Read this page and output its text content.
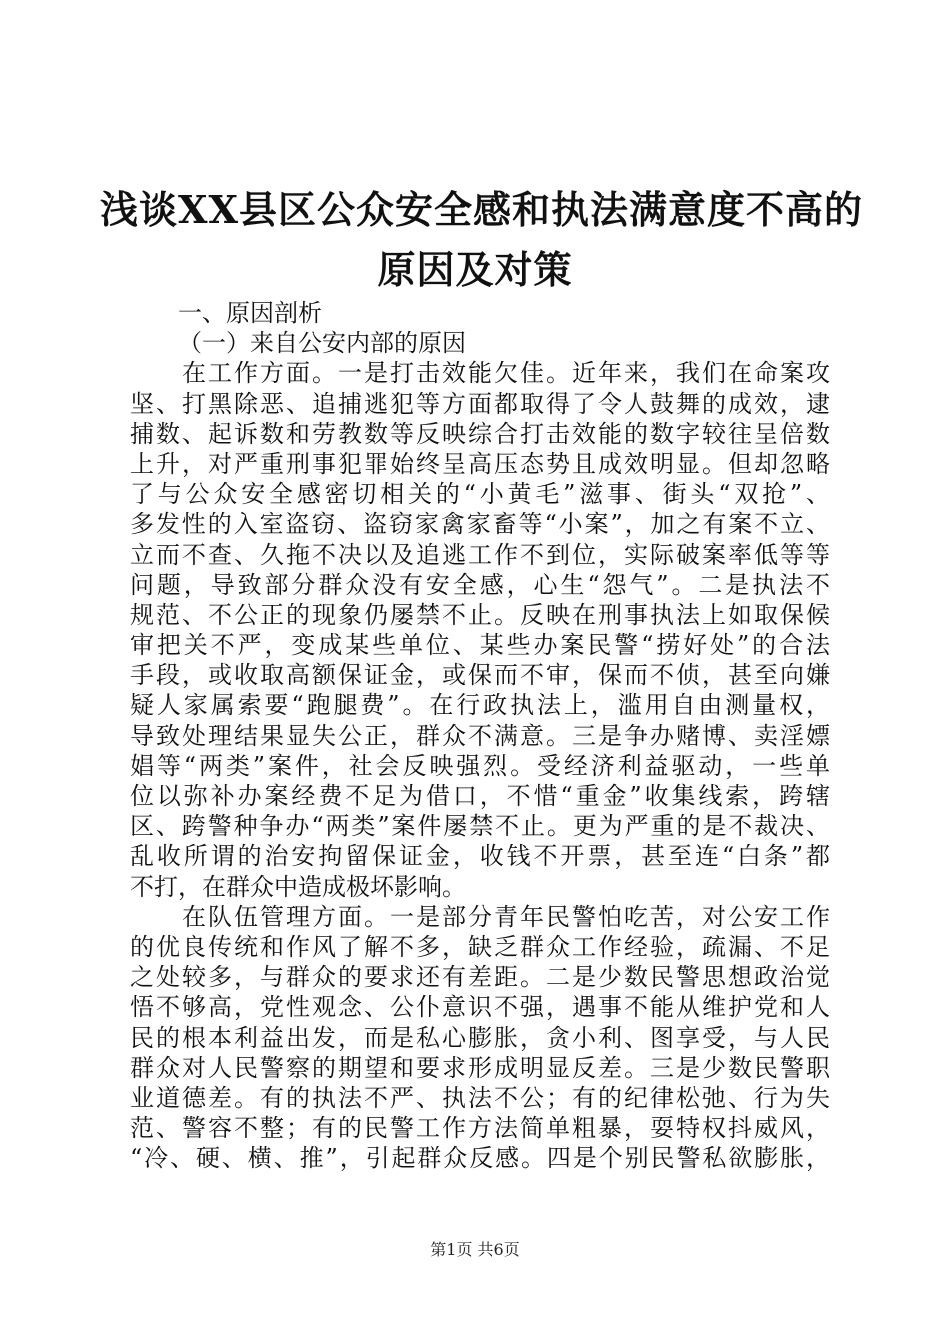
浅谈XX县区公众安全感和执法满意度不高的
原因及对策
一、原因剖析
（一）来自公安内部的原因
在工作方面。一是打击效能欠佳。近年来，我们在命案攻
坚、打黑除恶、追捕逃犯等方面都取得了令人鼓舞的成效，逮
捕数、起诉数和劳教数等反映综合打击效能的数字较往呈倍数
上升，对严重刑事犯罪始终呈高压态势且成效明显。但却忽略
了与公众安全感密切相关的“小黄毛”滋事、街头“双抢”、
多发性的入室盗窃、盗窃家禽家畜等“小案”，加之有案不立、
立而不查、久拖不决以及追逃工作不到位，实际破案率低等等
问题，导致部分群众没有安全感，心生“怨气”。二是执法不
规范、不公正的现象仍屡禁不止。反映在刑事执法上如取保候
审把关不严，变成某些单位、某些办案民警“捞好处”的合法
手段，或收取高额保证金，或保而不审，保而不侦，甚至向嫌
疑人家属索要“跑腿费”。在行政执法上，滥用自由测量权，
导致处理结果显失公正，群众不满意。三是争办赌博、卖淫嫖
娼等“两类”案件，社会反映强烈。受经济利益驱动，一些单
位以弥补办案经费不足为借口，不惜“重金”收集线索，跨辖
区、跨警种争办“两类”案件屡禁不止。更为严重的是不裁决、
乱收所谓的治安拘留保证金，收钱不开票，甚至连“白条”都
不打，在群众中造成极坏影响。
在队伍管理方面。一是部分青年民警怕吃苦，对公安工作
的优良传统和作风了解不多，缺乏群众工作经验，疏漏、不足
之处较多，与群众的要求还有差距。二是少数民警思想政治觉
悟不够高，党性观念、公仆意识不强，遇事不能从维护党和人
民的根本利益出发，而是私心膨胀，贪小利、图享受，与人民
群众对人民警察的期望和要求形成明显反差。三是少数民警职
业道德差。有的执法不严、执法不公；有的纪律松弛、行为失
范、警容不整；有的民警工作方法简单粗暴，耍特权抖威风，
“冷、硬、横、推”，引起群众反感。四是个别民警私欲膨胀，
第1页 共6页
